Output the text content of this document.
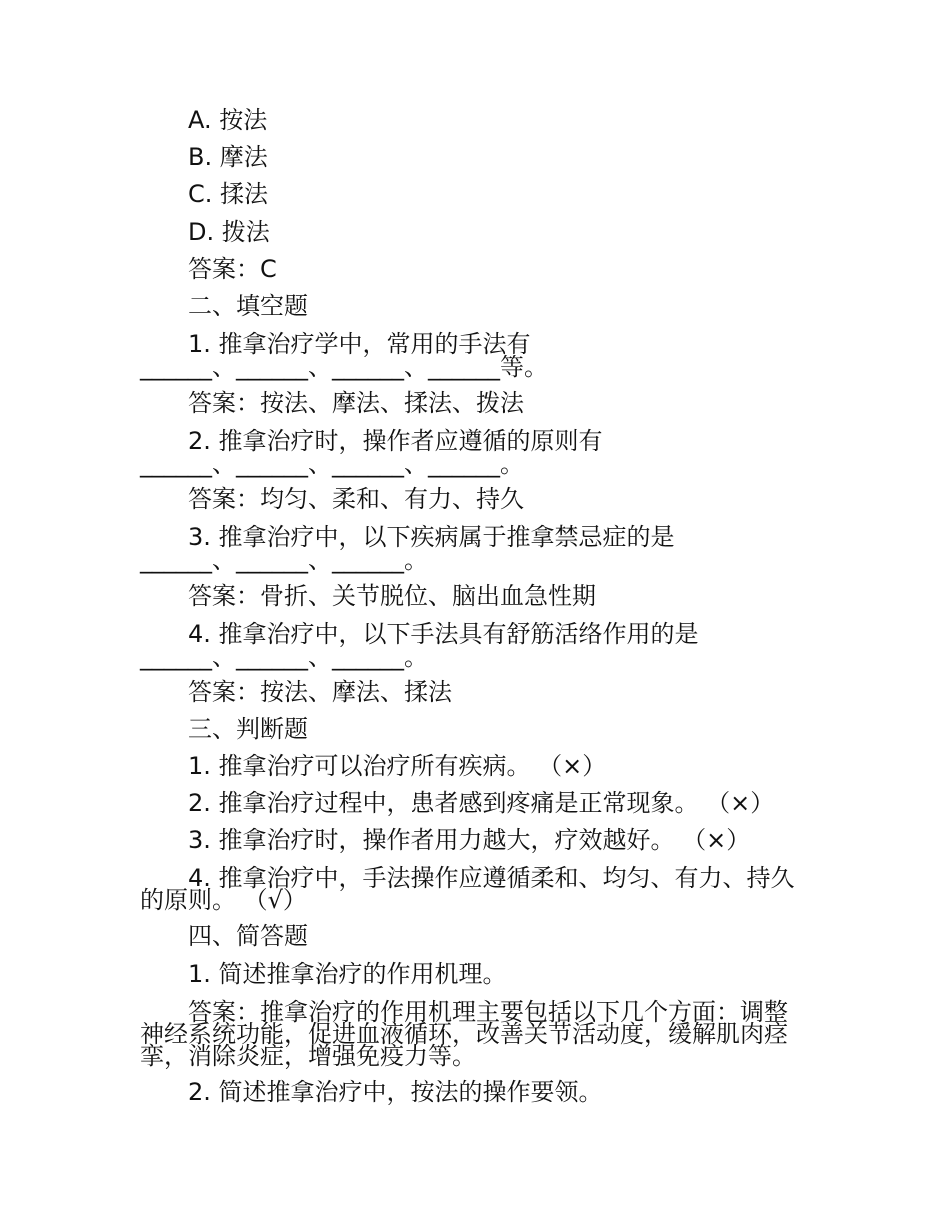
A. 按法
B. 摩法
C. 揉法
D. 拨法
答案：C
二、填空题
1. 推拿治疗学中，常用的手法有
______、______、______、______等。
答案：按法、摩法、揉法、拨法
2. 推拿治疗时，操作者应遵循的原则有
______、______、______、______。
答案：均匀、柔和、有力、持久
3. 推拿治疗中，以下疾病属于推拿禁忌症的是
______、______、______。
答案：骨折、关节脱位、脑出血急性期
4. 推拿治疗中，以下手法具有舒筋活络作用的是
______、______、______。
答案：按法、摩法、揉法
三、判断题
1. 推拿治疗可以治疗所有疾病。 （×）
2. 推拿治疗过程中，患者感到疼痛是正常现象。 （×）
3. 推拿治疗时，操作者用力越大，疗效越好。 （×）
4. 推拿治疗中，手法操作应遵循柔和、均匀、有力、持久
的原则。 （√）
四、简答题
1. 简述推拿治疗的作用机理。
答案：推拿治疗的作用机理主要包括以下几个方面：调整
神经系统功能，促进血液循环，改善关节活动度，缓解肌肉痉
挛，消除炎症，增强免疫力等。
2. 简述推拿治疗中，按法的操作要领。
